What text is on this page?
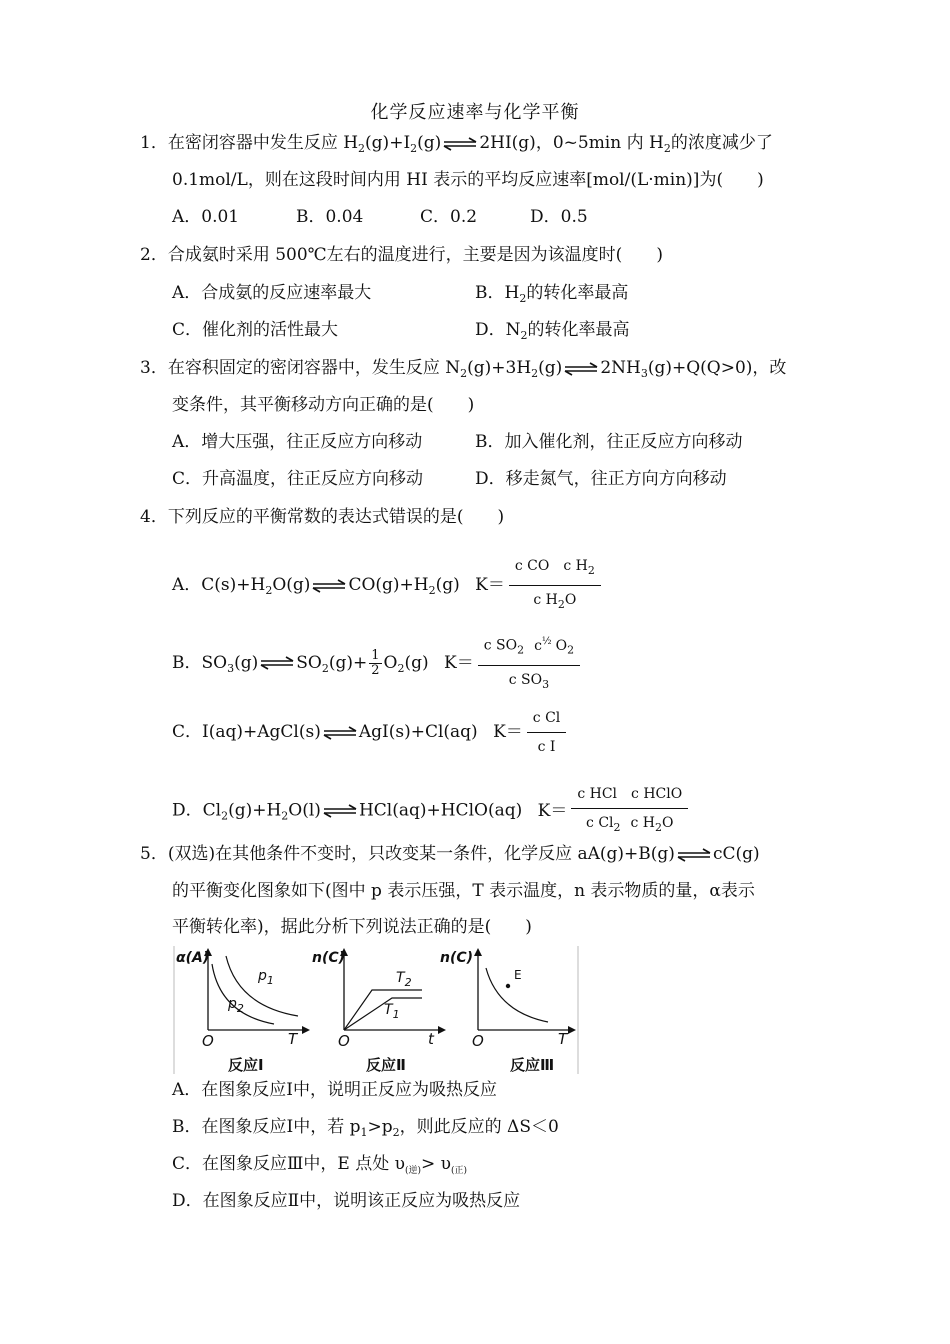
化学反应速率与化学平衡
1．在密闭容器中发生反应 $H_2(g)+I_2(g)$ ⇌ 2HI(g)，0~5min 内 $H_2$的浓度减少了
0.1mol/L，则在这段时间内用 HI 表示的平均反应速率[mol/(L·min)]为(　　)
A．0.01	B．0.04	C．0.2	D．0.5
2．合成氨时采用 500℃左右的温度进行，主要是因为该温度时(　　)
A．合成氨的反应速率最大	B．$H_2$的转化率最高
C．催化剂的活性最大	D．$N_2$的转化率最高
3．在容积固定的密闭容器中，发生反应 $N_2(g)+3H_2(g)$ ⇌ $2NH_3(g)+Q(Q>0)$，改
变条件，其平衡移动方向正确的是(　　)
A．增大压强，往正反应方向移动	B．加入催化剂，往正反应方向移动
C．升高温度，往正反应方向移动	D．移走氮气，往正方向方向移动
4．下列反应的平衡常数的表达式错误的是(　　)
A．$C(s)+H_2O(g)$ ⇌ $CO(g)+H_2(g)$ $K= \frac{c CO c H_2}{c H_2O}$
B．$SO_3(g)$ ⇌ $SO_2(g)+ \frac{1}{2} O_2(g)$ $K= \frac{c SO_2 c^{\frac{1}{2}} O_2}{c SO_3}$
C．I(aq)+AgCl(s) ⇌ AgI(s)+Cl(aq) $K= \frac{\text{c Cl}}{\text{c I}}$
D．$Cl_2(g)+H_2O(l)$ ⇌ HCl(aq)+HClO(aq) $K= \frac{\text{c HCl　c HClO}}{c Cl_2 c H_2O}$
5．(双选)在其他条件不变时，只改变某一条件，化学反应 aA(g)+B(g) ⇌ cC(g)
的平衡变化图象如下(图中 p 表示压强，T 表示温度，n 表示物质的量，α表示
平衡转化率)，据此分析下列说法正确的是(　　)
α(A)
T
O
$p_1$
$p_2$
反应Ⅰ
n(C)
t
O
$T_2$
$T_1$
反应Ⅱ
n(C)
T
O
E
反应Ⅲ
A．在图象反应Ⅰ中，说明正反应为吸热反应
B．在图象反应Ⅰ中，若 $p_1>p_2$，则此反应的 ΔS＜0
C．在图象反应Ⅲ中，E 点处 $\upsilon_{(逆)}> \upsilon_{(正)}$
D．在图象反应Ⅱ中，说明该正反应为吸热反应
